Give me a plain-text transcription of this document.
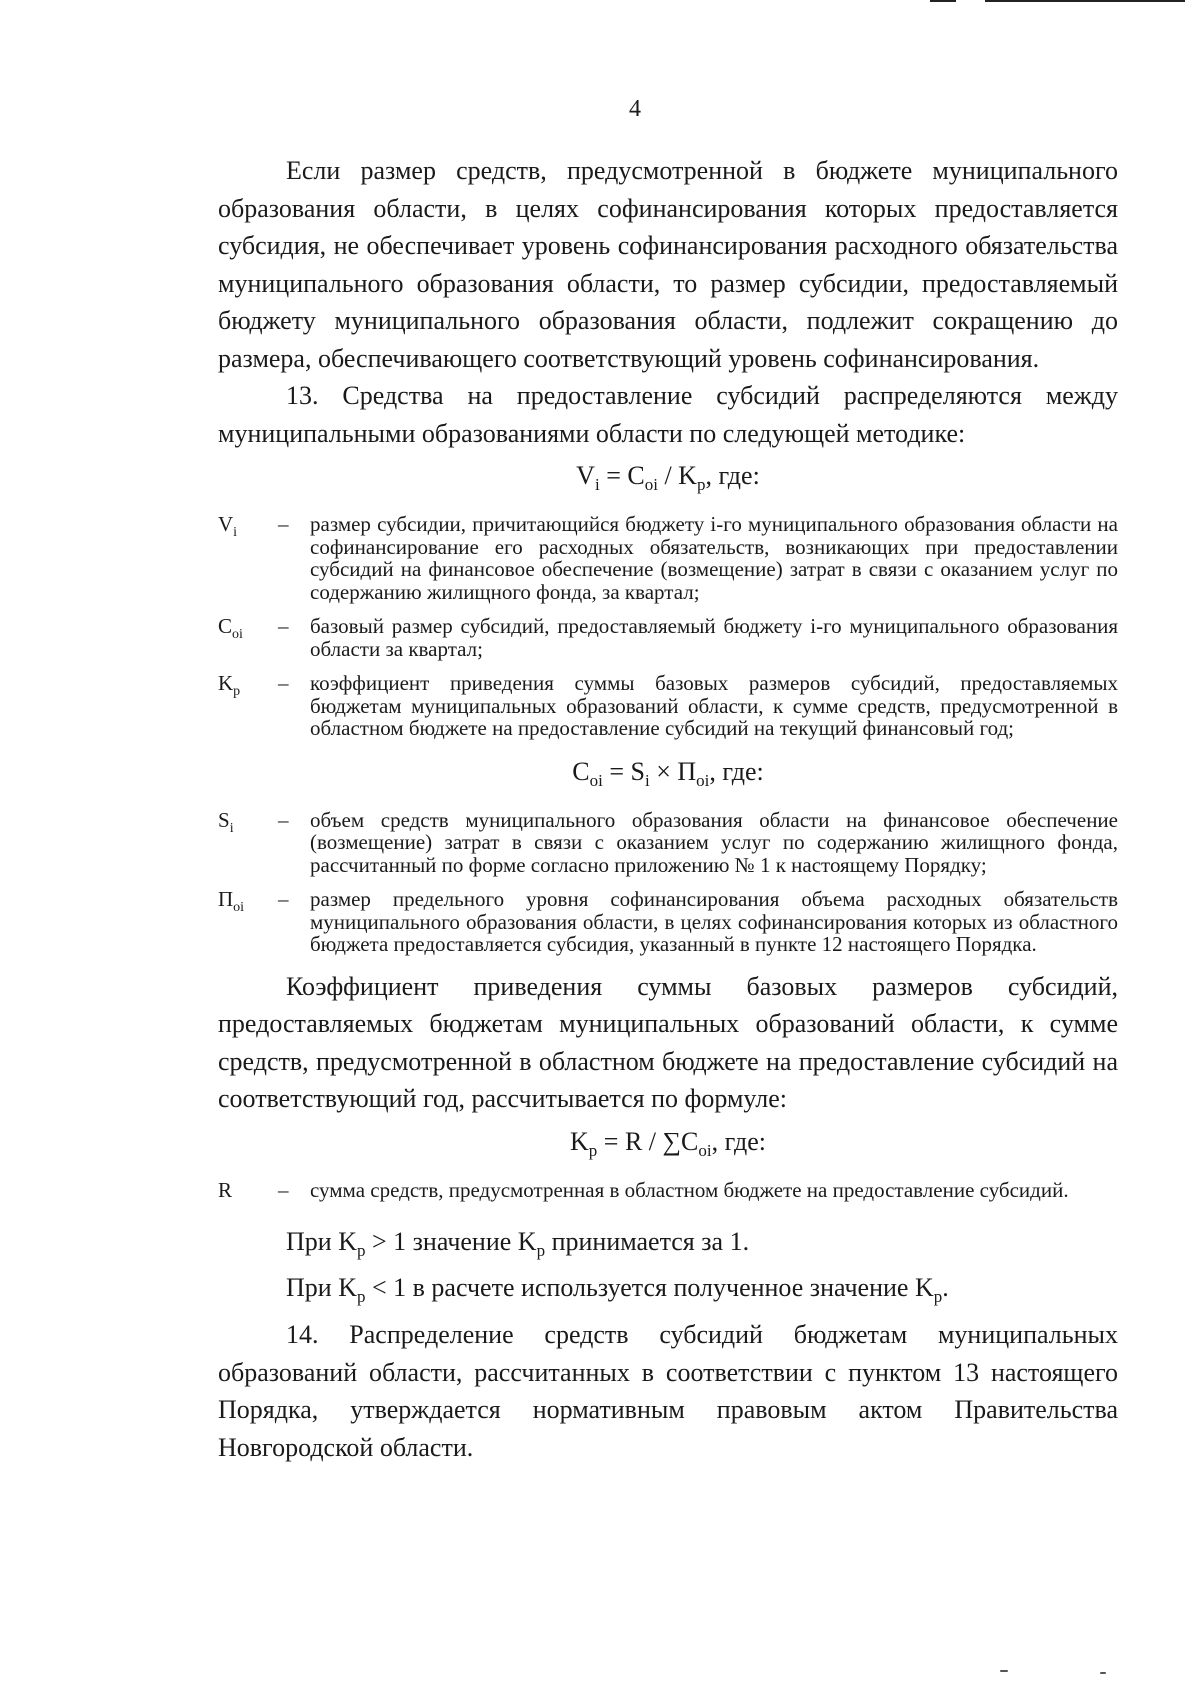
4

Если размер средств, предусмотренной в бюджете муниципального образования области, в целях софинансирования которых предоставляется субсидия, не обеспечивает уровень софинансирования расходного обязательства муниципального образования области, то размер субсидии, предоставляемый бюджету муниципального образования области, подлежит сокращению до размера, обеспечивающего соответствующий уровень софинансирования.

13. Средства на предоставление субсидий распределяются между муниципальными образованиями области по следующей методике:

$V_i = C_{oi} / K_p$, где:
$V_i$	–	размер субсидии, причитающийся бюджету i-го муниципального образования области на софинансирование его расходных обязательств, возникающих при предоставлении субсидий на финансовое обеспечение (возмещение) затрат в связи с оказанием услуг по содержанию жилищного фонда, за квартал;
$C_{oi}$	–	базовый размер субсидий, предоставляемый бюджету i-го муниципального образования области за квартал;
$K_p$	–	коэффициент приведения суммы базовых размеров субсидий, предоставляемых бюджетам муниципальных образований области, к сумме средств, предусмотренной в областном бюджете на предоставление субсидий на текущий финансовый год;
$C_{oi} = S_i \times П_{oi}$, где:
$S_i$	–	объем средств муниципального образования области на финансовое обеспечение (возмещение) затрат в связи с оказанием услуг по содержанию жилищного фонда, рассчитанный по форме согласно приложению № 1 к настоящему Порядку;
$П_{oi}$	–	размер предельного уровня софинансирования объема расходных обязательств муниципального образования области, в целях софинансирования которых из областного бюджета предоставляется субсидия, указанный в пункте 12 настоящего Порядка.

Коэффициент приведения суммы базовых размеров субсидий, предоставляемых бюджетам муниципальных образований области, к сумме средств, предусмотренной в областном бюджете на предоставление субсидий на соответствующий год, рассчитывается по формуле:

$K_p = R / \sum C_{oi}$, где:
R	–	сумма средств, предусмотренная в областном бюджете на предоставление субсидий.

При $K_p > 1$ значение $K_p$ принимается за 1.

При $K_p < 1$ в расчете используется полученное значение $K_p$.

14. Распределение средств субсидий бюджетам муниципальных образований области, рассчитанных в соответствии с пунктом 13 настоящего Порядка, утверждается нормативным правовым актом Правительства Новгородской области.
